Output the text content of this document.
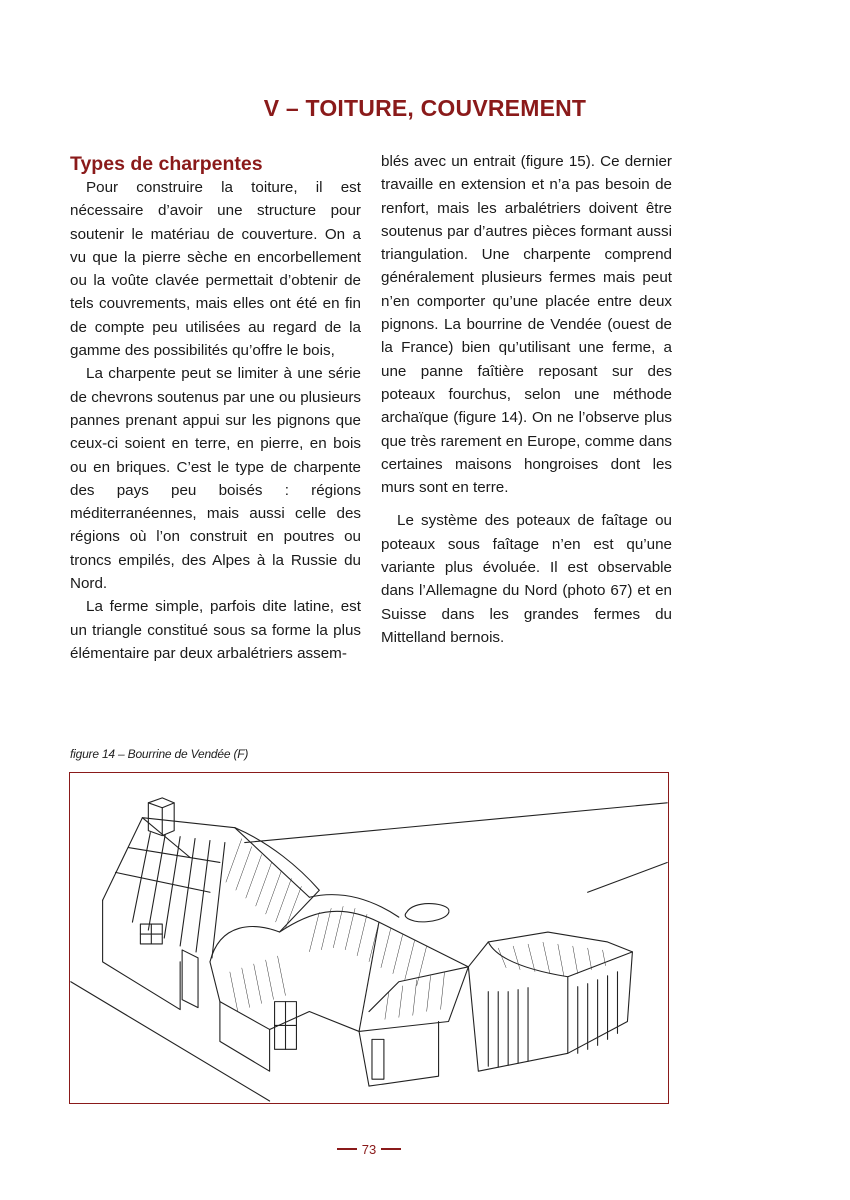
V – TOITURE, COUVREMENT
Types de charpentes

Pour construire la toiture, il est nécessaire d’avoir une structure pour soutenir le matériau de couverture. On a vu que la pierre sèche en encorbellement ou la voûte clavée permettait d’obtenir de tels couvrements, mais elles ont été en fin de compte peu utilisées au regard de la gamme des possibilités qu’offre le bois,

La charpente peut se limiter à une série de chevrons soutenus par une ou plusieurs pannes prenant appui sur les pignons que ceux-ci soient en terre, en pierre, en bois ou en briques. C’est le type de charpente des pays peu boisés : régions méditerranéennes, mais aussi celle des régions où l’on construit en poutres ou troncs empilés, des Alpes à la Russie du Nord.

La ferme simple, parfois dite latine, est un triangle constitué sous sa forme la plus élémentaire par deux arbalétriers assem-

blés avec un entrait (figure 15). Ce dernier travaille en extension et n’a pas besoin de renfort, mais les arbalétriers doivent être soutenus par d’autres pièces formant aussi triangulation. Une charpente comprend généralement plusieurs fermes mais peut n’en comporter qu’une placée entre deux pignons. La bourrine de Vendée (ouest de la France) bien qu’utilisant une ferme, a une panne faîtière reposant sur des poteaux fourchus, selon une méthode archaïque (figure 14). On ne l’observe plus que très rarement en Europe, comme dans certaines maisons hongroises dont les murs sont en terre.

Le système des poteaux de faîtage ou poteaux sous faîtage n’en est qu’une variante plus évoluée. Il est observable dans l’Allemagne du Nord (photo 67) et en Suisse dans les grandes fermes du Mittelland bernois.

figure 14 – Bourrine de Vendée (F)
73
